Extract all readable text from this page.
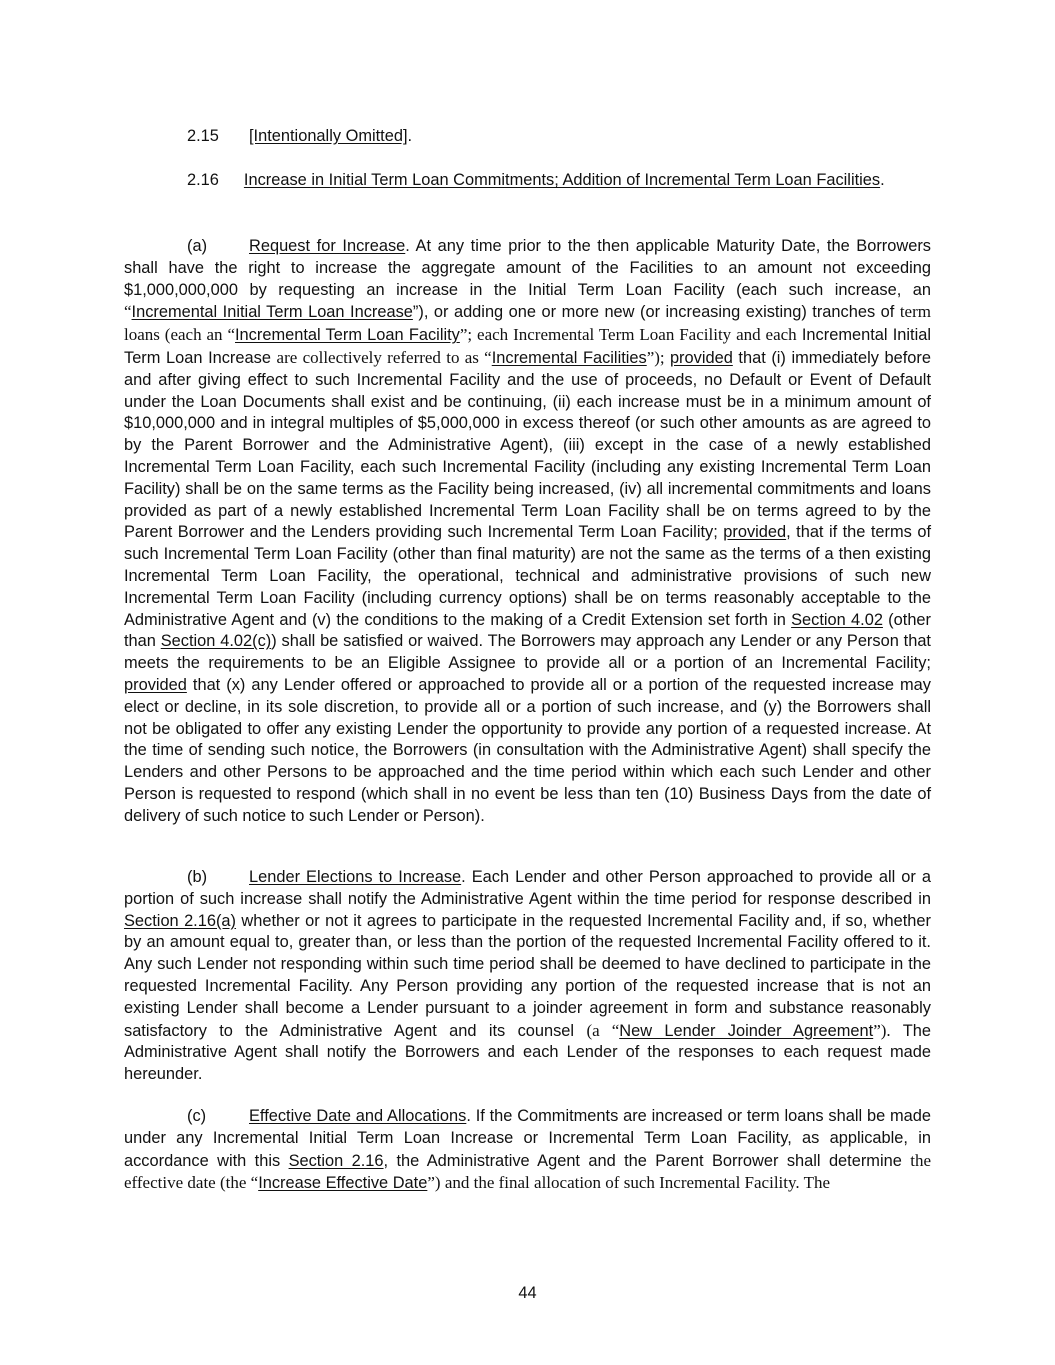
2.15 [Intentionally Omitted].

2.16 Increase in Initial Term Loan Commitments; Addition of Incremental Term Loan Facilities.

(a)	Request for Increase. At any time prior to the then applicable Maturity Date, the Borrowers shall have the right to increase the aggregate amount of the Facilities to an amount not exceeding $1,000,000,000 by requesting an increase in the Initial Term Loan Facility (each such increase, an “Incremental Initial Term Loan Increase”), or adding one or more new (or increasing existing) tranches of term loans (each an “Incremental Term Loan Facility”; each Incremental Term Loan Facility and each Incremental Initial Term Loan Increase are collectively referred to as “Incremental Facilities”); provided that (i) immediately before and after giving effect to such Incremental Facility and the use of proceeds, no Default or Event of Default under the Loan Documents shall exist and be continuing, (ii) each increase must be in a minimum amount of $10,000,000 and in integral multiples of $5,000,000 in excess thereof (or such other amounts as are agreed to by the Parent Borrower and the Administrative Agent), (iii) except in the case of a newly established Incremental Term Loan Facility, each such Incremental Facility (including any existing Incremental Term Loan Facility) shall be on the same terms as the Facility being increased, (iv) all incremental commitments and loans provided as part of a newly established Incremental Term Loan Facility shall be on terms agreed to by the Parent Borrower and the Lenders providing such Incremental Term Loan Facility; provided, that if the terms of such Incremental Term Loan Facility (other than final maturity) are not the same as the terms of a then existing Incremental Term Loan Facility, the operational, technical and administrative provisions of such new Incremental Term Loan Facility (including currency options) shall be on terms reasonably acceptable to the Administrative Agent and (v) the conditions to the making of a Credit Extension set forth in Section 4.02 (other than Section 4.02(c)) shall be satisfied or waived. The Borrowers may approach any Lender or any Person that meets the requirements to be an Eligible Assignee to provide all or a portion of an Incremental Facility; provided that (x) any Lender offered or approached to provide all or a portion of the requested increase may elect or decline, in its sole discretion, to provide all or a portion of such increase, and (y) the Borrowers shall not be obligated to offer any existing Lender the opportunity to provide any portion of a requested increase. At the time of sending such notice, the Borrowers (in consultation with the Administrative Agent) shall specify the Lenders and other Persons to be approached and the time period within which each such Lender and other Person is requested to respond (which shall in no event be less than ten (10) Business Days from the date of delivery of such notice to such Lender or Person).

(b)	Lender Elections to Increase. Each Lender and other Person approached to provide all or a portion of such increase shall notify the Administrative Agent within the time period for response described in Section 2.16(a) whether or not it agrees to participate in the requested Incremental Facility and, if so, whether by an amount equal to, greater than, or less than the portion of the requested Incremental Facility offered to it. Any such Lender not responding within such time period shall be deemed to have declined to participate in the requested Incremental Facility. Any Person providing any portion of the requested increase that is not an existing Lender shall become a Lender pursuant to a joinder agreement in form and substance reasonably satisfactory to the Administrative Agent and its counsel (a “New Lender Joinder Agreement”). The Administrative Agent shall notify the Borrowers and each Lender of the responses to each request made hereunder.

(c)	Effective Date and Allocations. If the Commitments are increased or term loans shall be made under any Incremental Initial Term Loan Increase or Incremental Term Loan Facility, as applicable, in accordance with this Section 2.16, the Administrative Agent and the Parent Borrower shall determine the effective date (the “Increase Effective Date”) and the final allocation of such Incremental Facility. The

44
